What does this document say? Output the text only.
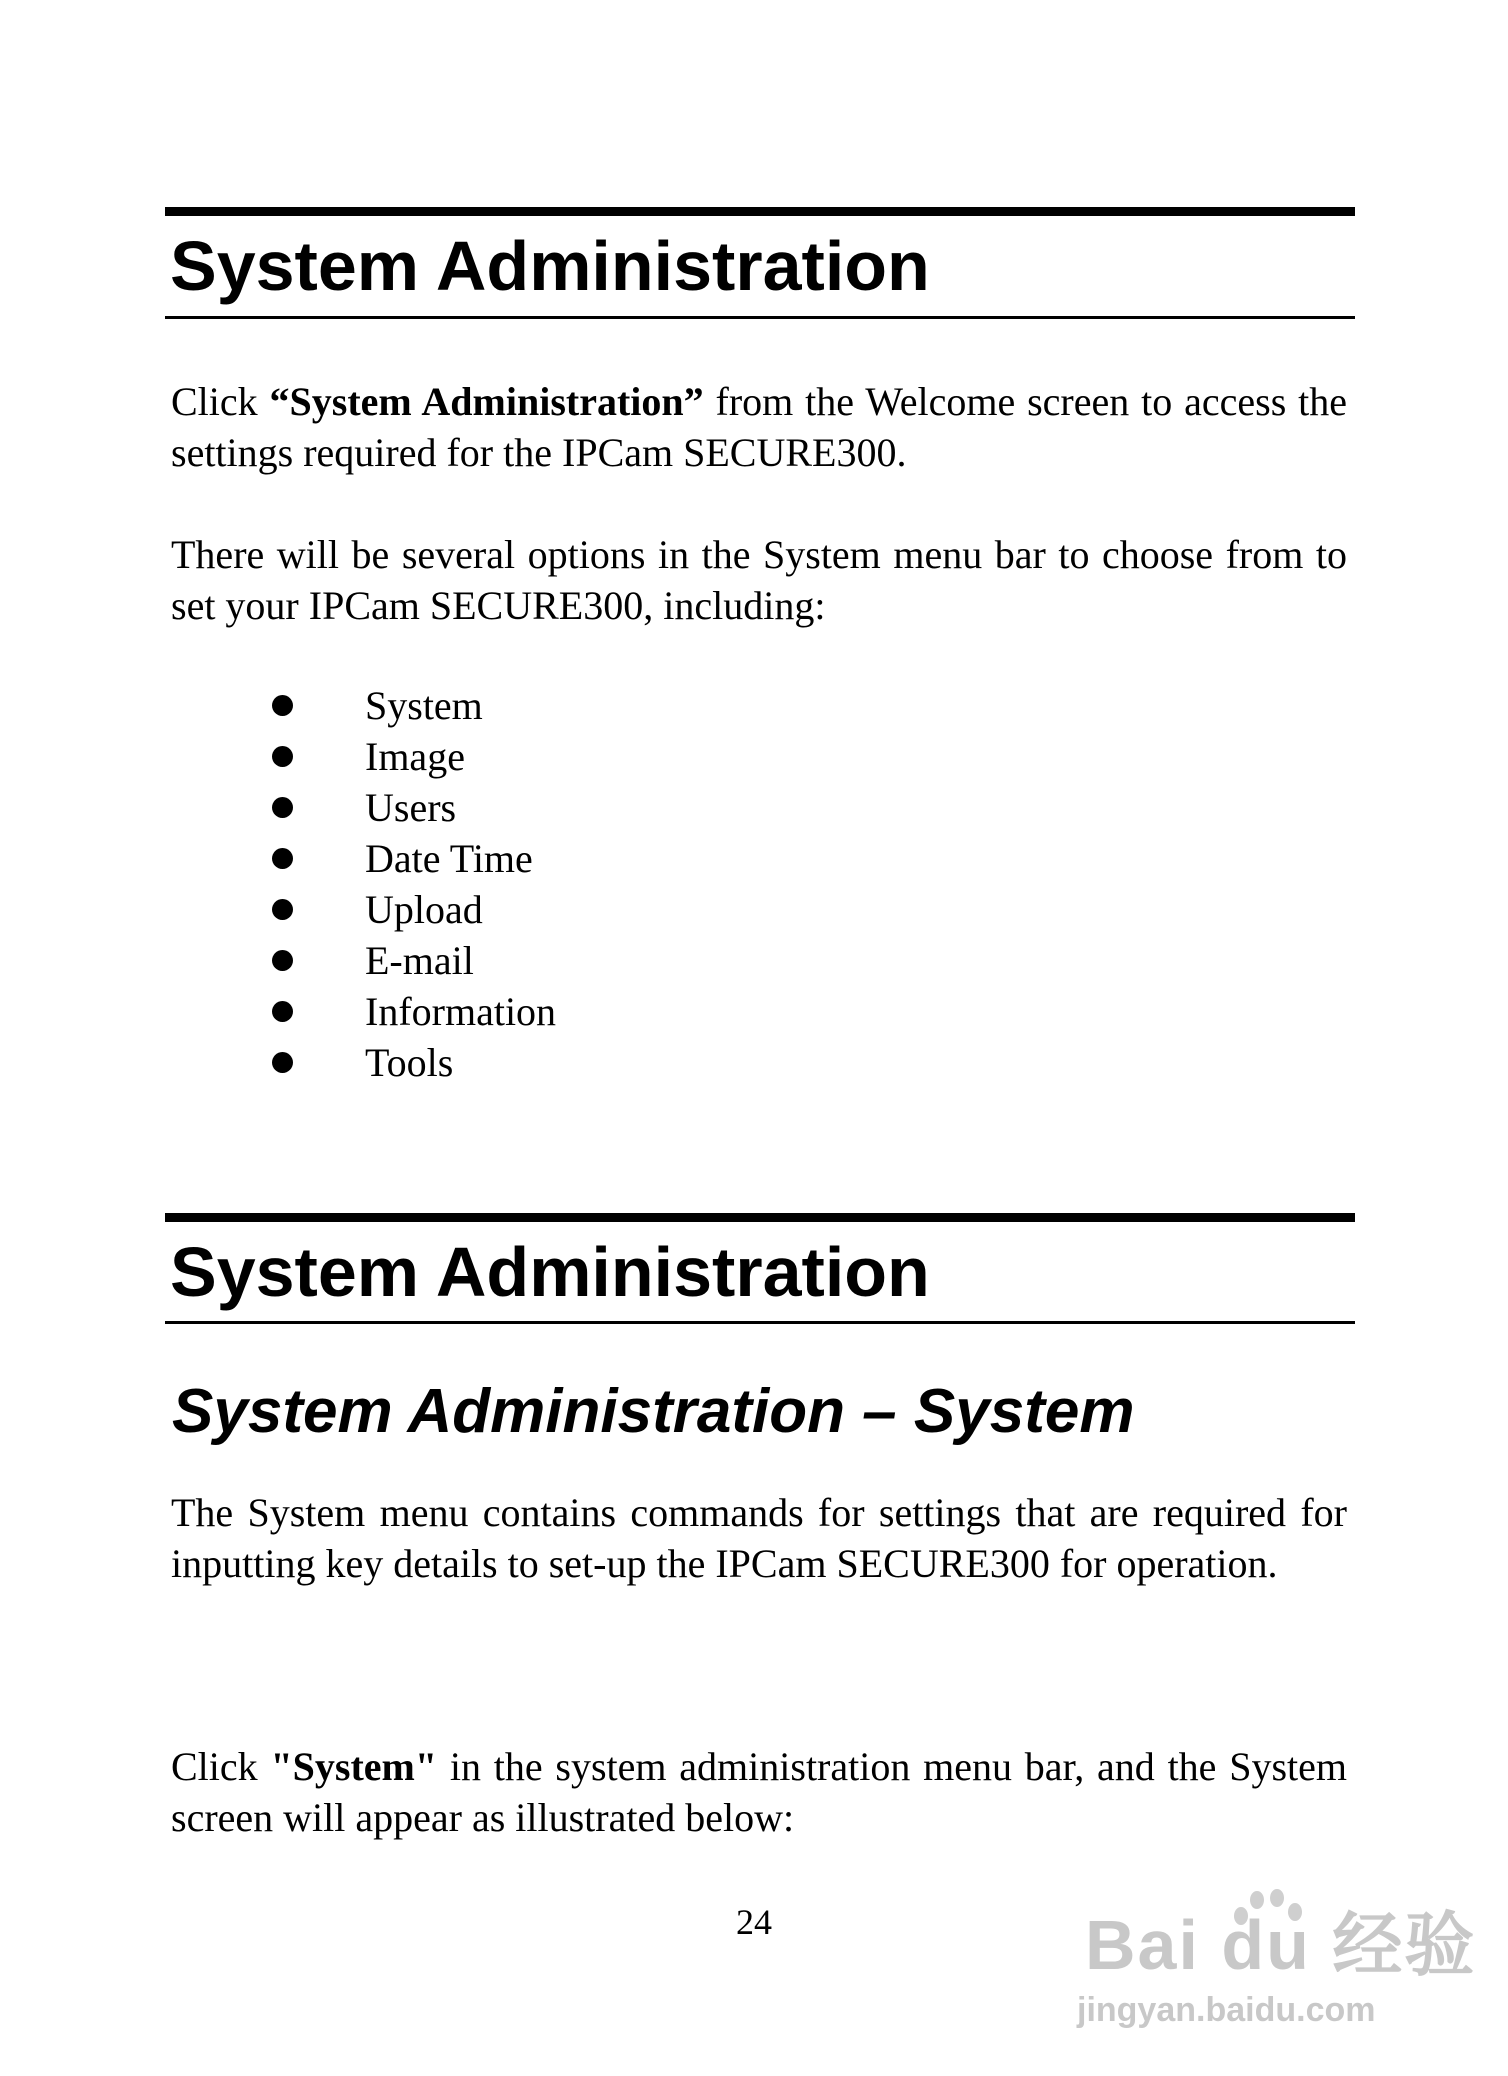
System Administration

Click “System Administration” from the Welcome screen to access the settings required for the IPCam SECURE300.

There will be several options in the System menu bar to choose from to set your IPCam SECURE300, including:

System
Image
Users
Date Time
Upload
E-mail
Information
Tools
System Administration
System Administration – System

The System menu contains commands for settings that are required for inputting key details to set-up the IPCam SECURE300 for operation.

Click "System" in the system administration menu bar, and the System screen will appear as illustrated below:

24	Bai du 经验
jingyan.baidu.com
